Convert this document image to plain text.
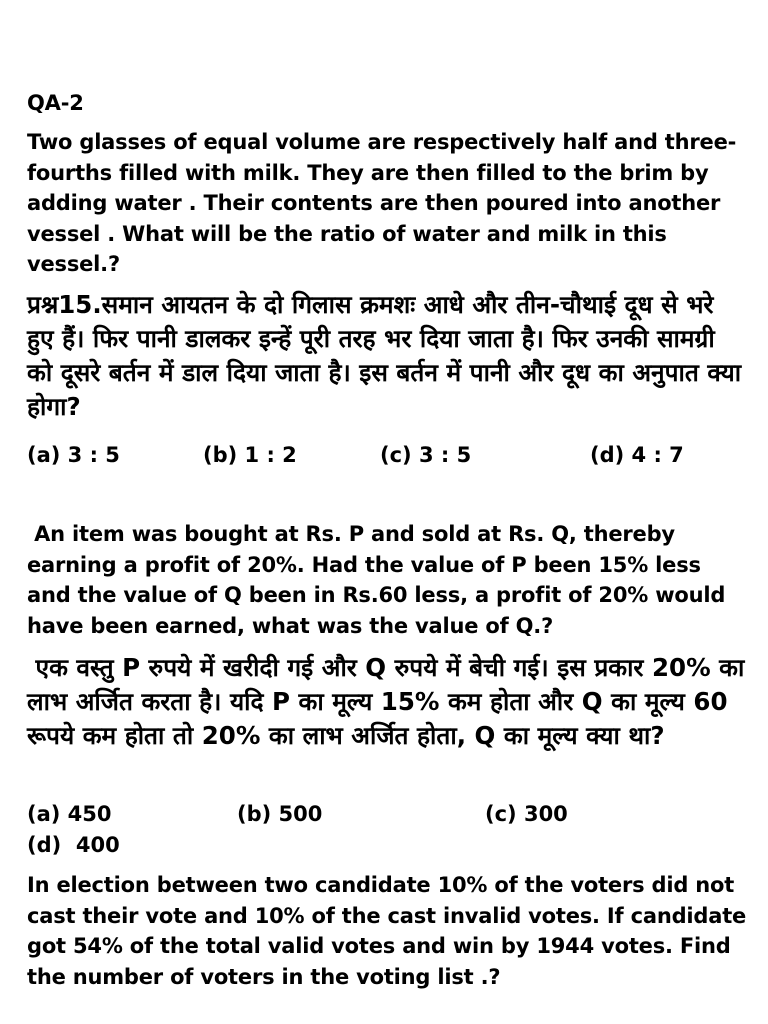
QA-2

Two glasses of equal volume are respectively half and three-fourths filled with milk. They are then filled to the brim by adding water . Their contents are then poured into another vessel . What will be the ratio of water and milk in this vessel.?

प्रश्न15.समान आयतन के दो गिलास क्रमशः आधे और तीन-चौथाई दूध से भरे हुए हैं। फिर पानी डालकर इन्हें पूरी तरह भर दिया जाता है। फिर उनकी सामग्री को दूसरे बर्तन में डाल दिया जाता है। इस बर्तन में पानी और दूध का अनुपात क्या होगा?

(a) 3 : 5	(b) 1 : 2	(c) 3 : 5	(d) 4 : 7

An item was bought at Rs. P and sold at Rs. Q, thereby earning a profit of 20%. Had the value of P been 15% less and the value of Q been in Rs.60 less, a profit of 20% would have been earned, what was the value of Q.?

एक वस्तु P रुपये में खरीदी गई और Q रुपये में बेची गई। इस प्रकार 20% का लाभ अर्जित करता है। यदि P का मूल्य 15% कम होता और Q का मूल्य 60 रूपये कम होता तो 20% का लाभ अर्जित होता, Q का मूल्य क्या था?

(a) 450	(b) 500	(c) 300
(d)  400

In election between two candidate 10% of the voters did not cast their vote and 10% of the cast invalid votes. If candidate got 54% of the total valid votes and win by 1944 votes. Find the number of voters in the voting list .?
